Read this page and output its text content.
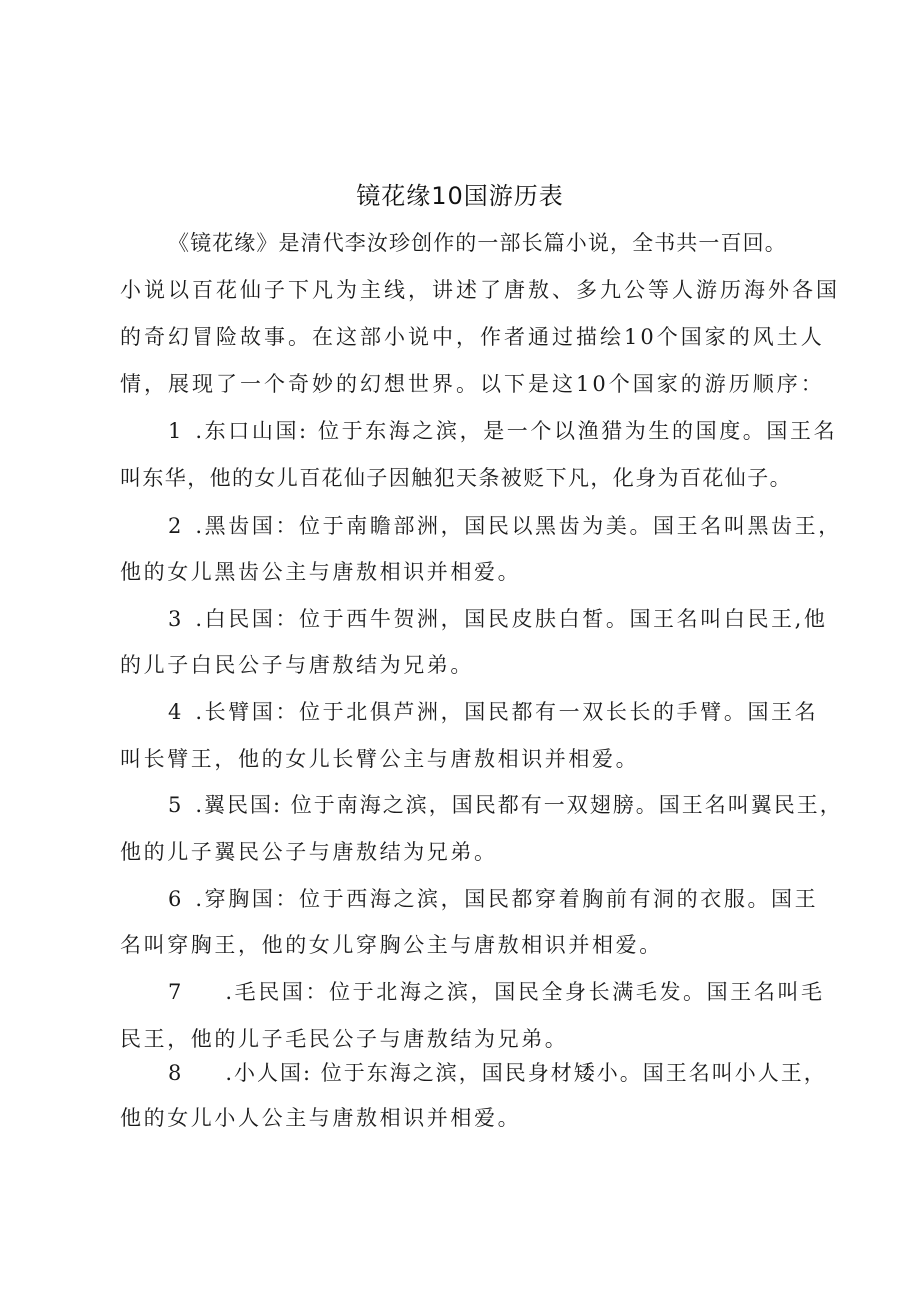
镜花缘10国游历表
《镜花缘》是清代李汝珍创作的一部长篇小说，全书共一百回。
小说以百花仙子下凡为主线，讲述了唐敖、多九公等人游历海外各国
的奇幻冒险故事。在这部小说中，作者通过描绘10个国家的风土人
情，展现了一个奇妙的幻想世界。以下是这10个国家的游历顺序：
1 .东口山国: 位于东海之滨，是一个以渔猎为生的国度。国王名
叫东华，他的女儿百花仙子因触犯天条被贬下凡，化身为百花仙子。
2 .黑齿国：位于南瞻部洲，国民以黑齿为美。国王名叫黑齿王，
他的女儿黑齿公主与唐敖相识并相爱。
3 .白民国：位于西牛贺洲，国民皮肤白皙。国王名叫白民王,他
的儿子白民公子与唐敖结为兄弟。
4 .长臂国：位于北俱芦洲，国民都有一双长长的手臂。国王名
叫长臂王，他的女儿长臂公主与唐敖相识并相爱。
5 .翼民国: 位于南海之滨，国民都有一双翅膀。国王名叫翼民王，
他的儿子翼民公子与唐敖结为兄弟。
6 .穿胸国：位于西海之滨，国民都穿着胸前有洞的衣服。国王
名叫穿胸王，他的女儿穿胸公主与唐敖相识并相爱。
7 .毛民国：位于北海之滨，国民全身长满毛发。国王名叫毛
民王，他的儿子毛民公子与唐敖结为兄弟。
8 .小人国: 位于东海之滨，国民身材矮小。国王名叫小人王，
他的女儿小人公主与唐敖相识并相爱。
